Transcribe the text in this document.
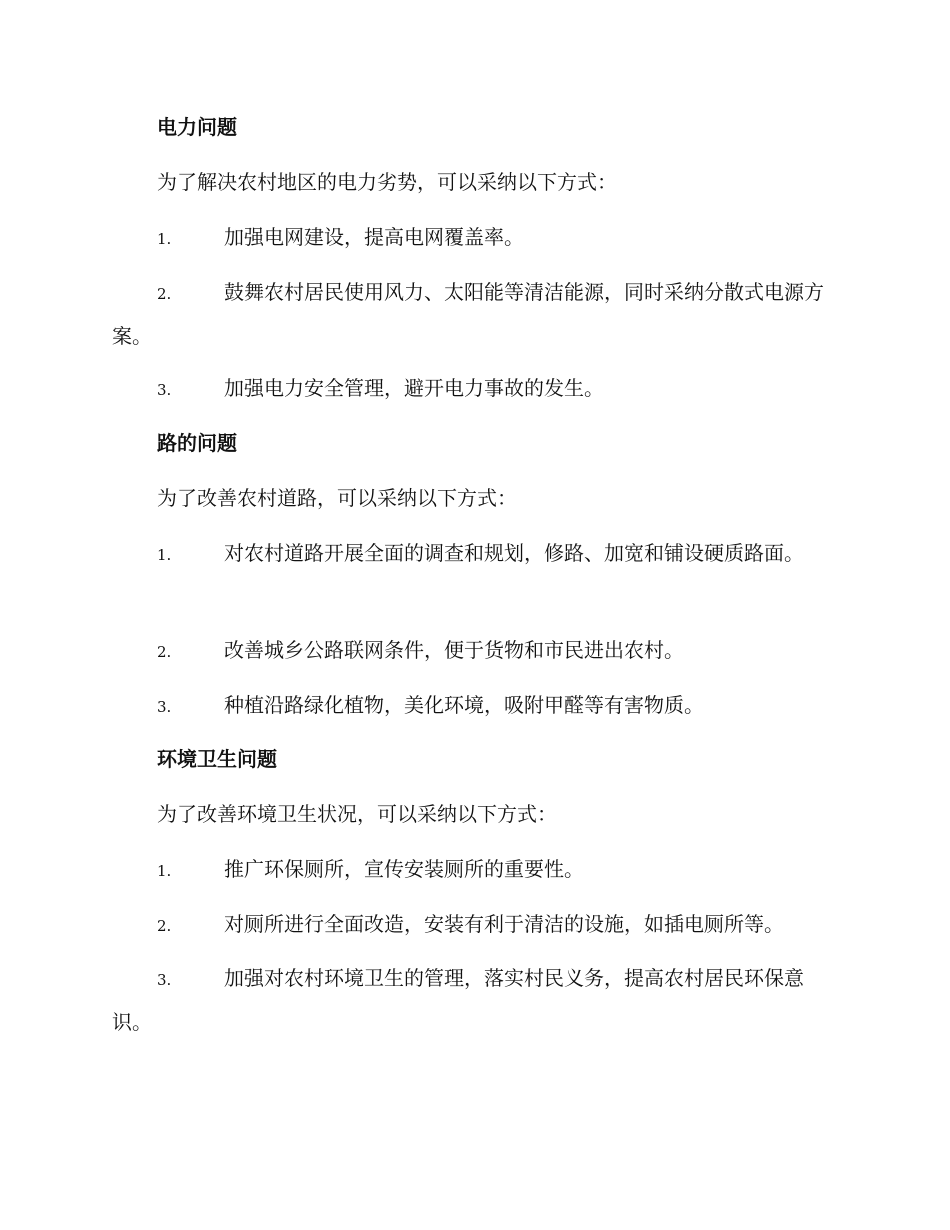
电力问题
为了解决农村地区的电力劣势，可以采纳以下方式：
1.	加强电网建设，提高电网覆盖率。
2.	鼓舞农村居民使用风力、太阳能等清洁能源，同时采纳分散式电源方案。
3.	加强电力安全管理，避开电力事故的发生。
路的问题
为了改善农村道路，可以采纳以下方式：
1.	对农村道路开展全面的调查和规划，修路、加宽和铺设硬质路面。
2.	改善城乡公路联网条件，便于货物和市民进出农村。
3.	种植沿路绿化植物，美化环境，吸附甲醛等有害物质。
环境卫生问题
为了改善环境卫生状况，可以采纳以下方式：
1.	推广环保厕所，宣传安装厕所的重要性。
2.	对厕所进行全面改造，安装有利于清洁的设施，如插电厕所等。
3.	加强对农村环境卫生的管理，落实村民义务，提高农村居民环保意识。
